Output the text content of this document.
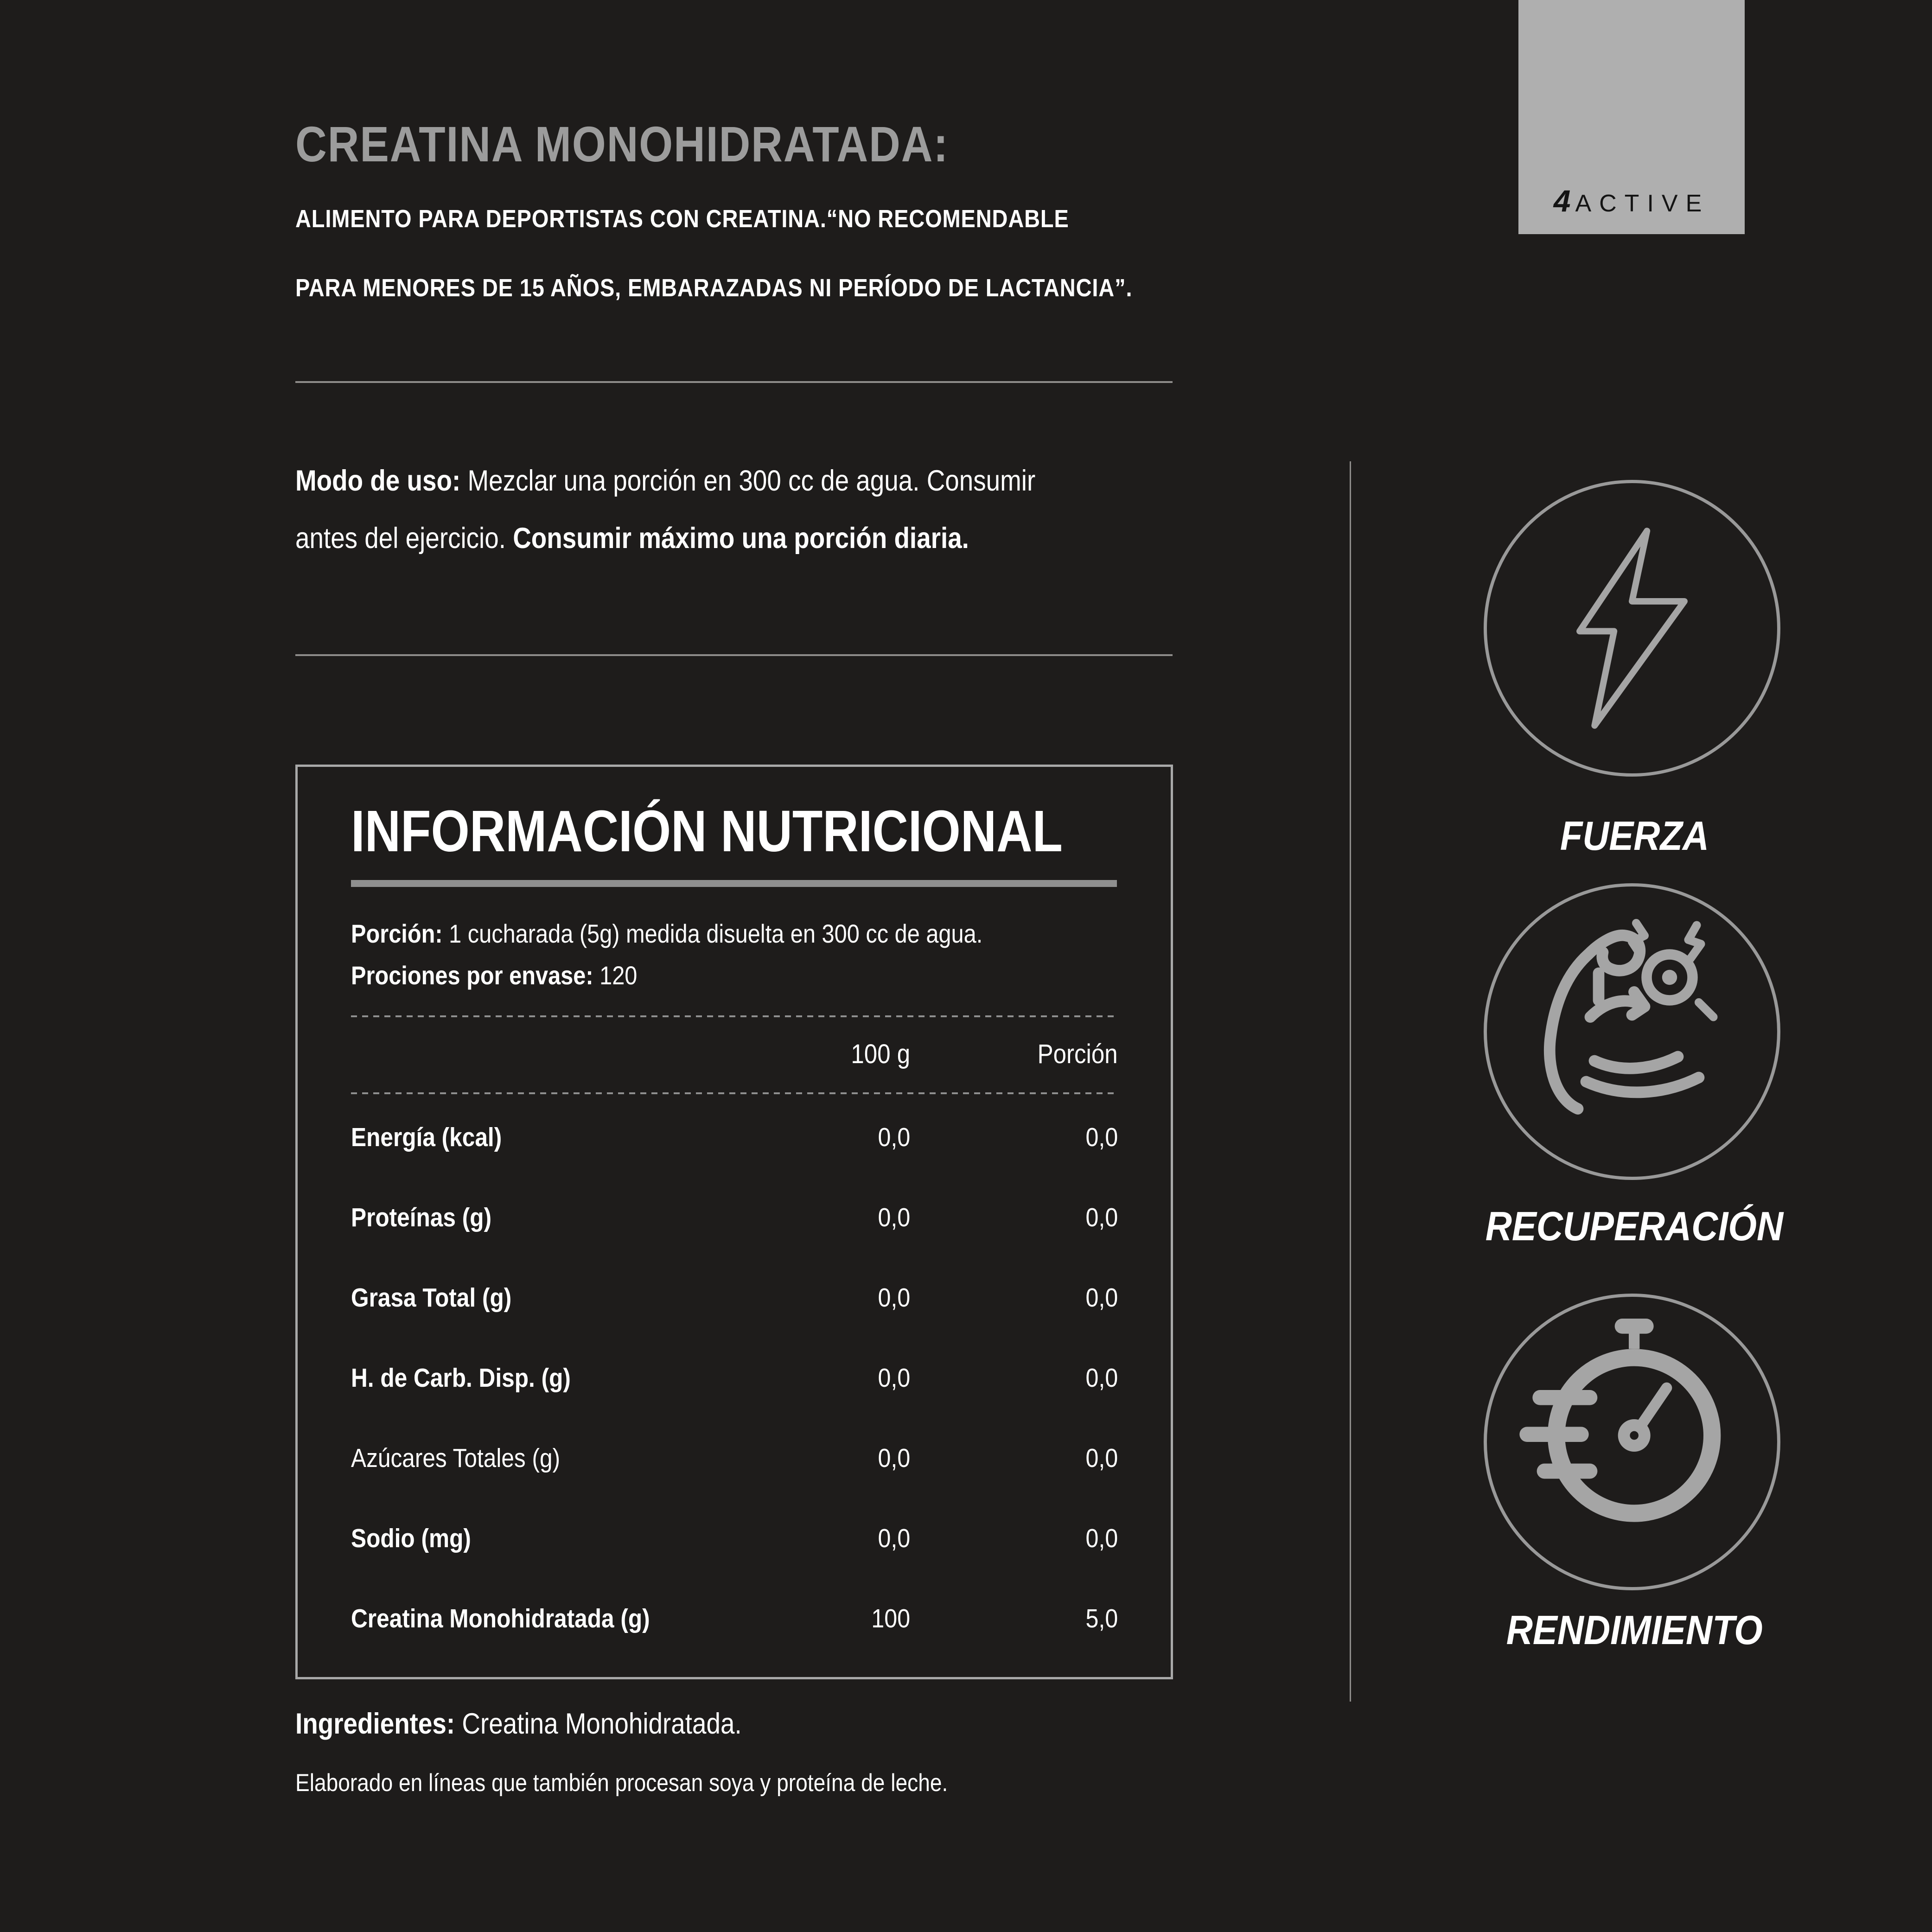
CREATINA MONOHIDRATADA:
ALIMENTO PARA DEPORTISTAS CON CREATINA.“NO RECOMENDABLE
PARA MENORES DE 15 AÑOS, EMBARAZADAS NI PERÍODO DE LACTANCIA”.
Modo de uso: Mezclar una porción en 300 cc de agua. Consumir
antes del ejercicio. Consumir máximo una porción diaria.
INFORMACIÓN NUTRICIONAL
Porción: 1 cucharada (5g) medida disuelta en 300 cc de agua.
Prociones por envase: 120
100 g	Porción
Energía (kcal)	0,0	0,0
Proteínas (g)	0,0	0,0
Grasa Total (g)	0,0	0,0
H. de Carb. Disp. (g)	0,0	0,0
Azúcares Totales (g)	0,0	0,0
Sodio (mg)	0,0	0,0
Creatina Monohidratada (g)	100	5,0
Ingredientes: Creatina Monohidratada.
Elaborado en líneas que también procesan soya y proteína de leche.
4 ACTIVE
FUERZA
RECUPERACIÓN
RENDIMIENTO
